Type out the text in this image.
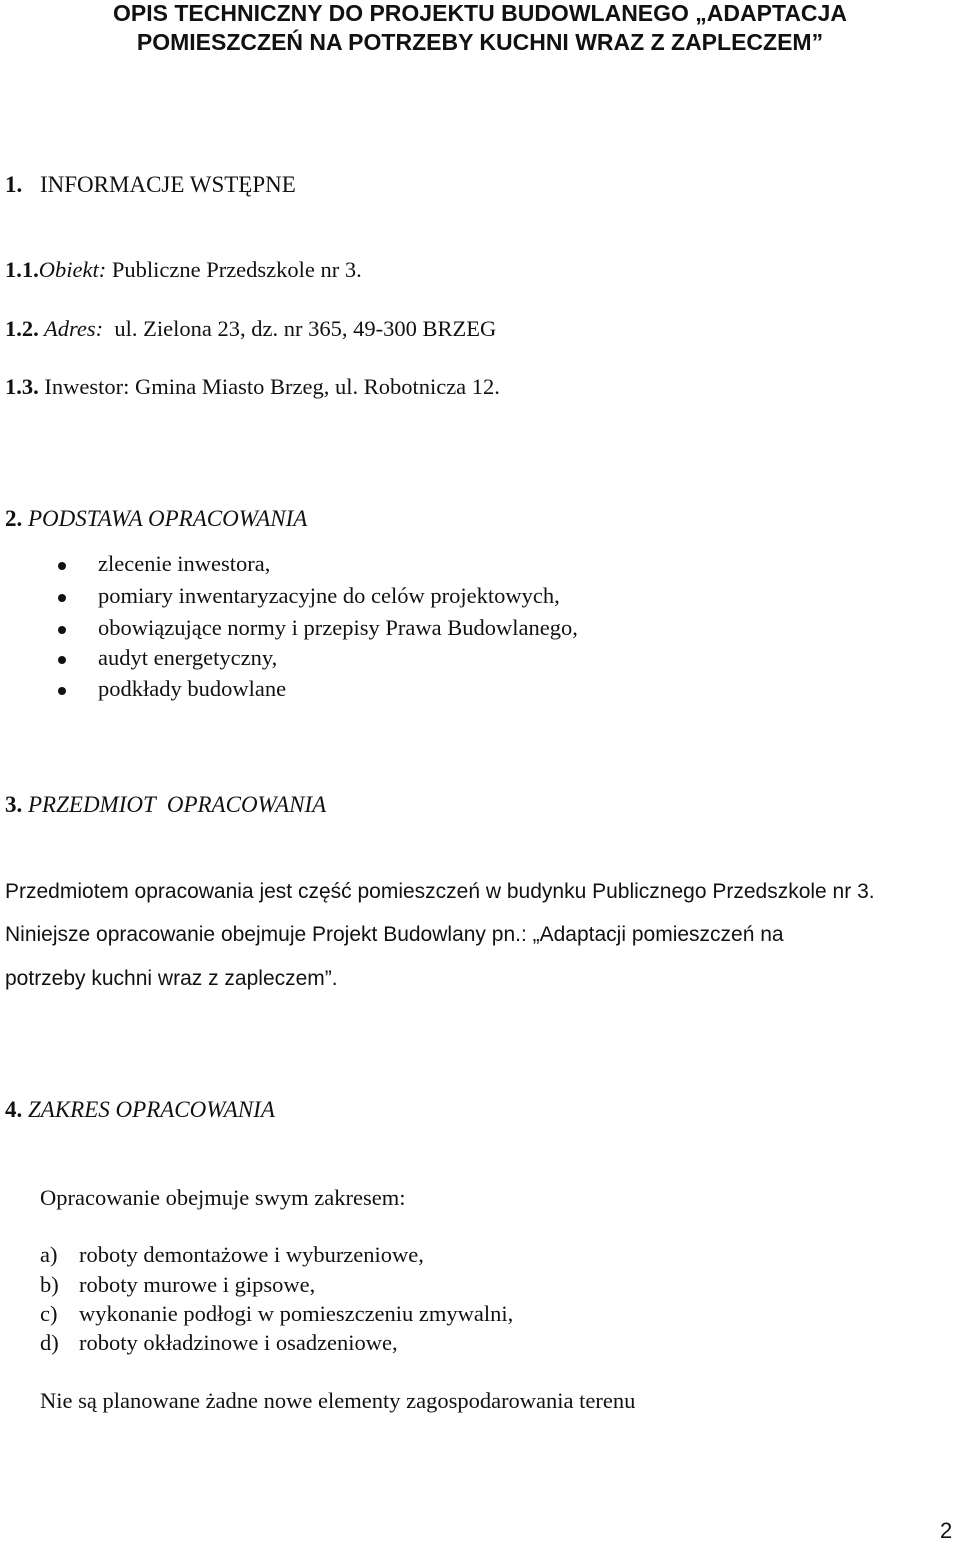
OPIS TECHNICZNY DO PROJEKTU BUDOWLANEGO „ADAPTACJA
POMIESZCZEŃ NA POTRZEBY KUCHNI WRAZ Z ZAPLECZEM”
1. INFORMACJE WSTĘPNE
1.1.Obiekt: Publiczne Przedszkole nr 3.
1.2. Adres:  ul. Zielona 23, dz. nr 365, 49-300 BRZEG
1.3. Inwestor: Gmina Miasto Brzeg, ul. Robotnicza 12.
2. PODSTAWA OPRACOWANIA
zlecenie inwestora,
pomiary inwentaryzacyjne do celów projektowych,
obowiązujące normy i przepisy Prawa Budowlanego,
audyt energetyczny,
podkłady budowlane
3. PRZEDMIOT  OPRACOWANIA
Przedmiotem opracowania jest część pomieszczeń w budynku Publicznego Przedszkole nr 3.
Niniejsze opracowanie obejmuje Projekt Budowlany pn.: „Adaptacji pomieszczeń na
potrzeby kuchni wraz z zapleczem”.
4. ZAKRES OPRACOWANIA
Opracowanie obejmuje swym zakresem:
a) roboty demontażowe i wyburzeniowe,
b) roboty murowe i gipsowe,
c) wykonanie podłogi w pomieszczeniu zmywalni,
d) roboty okładzinowe i osadzeniowe,
Nie są planowane żadne nowe elementy zagospodarowania terenu
2
